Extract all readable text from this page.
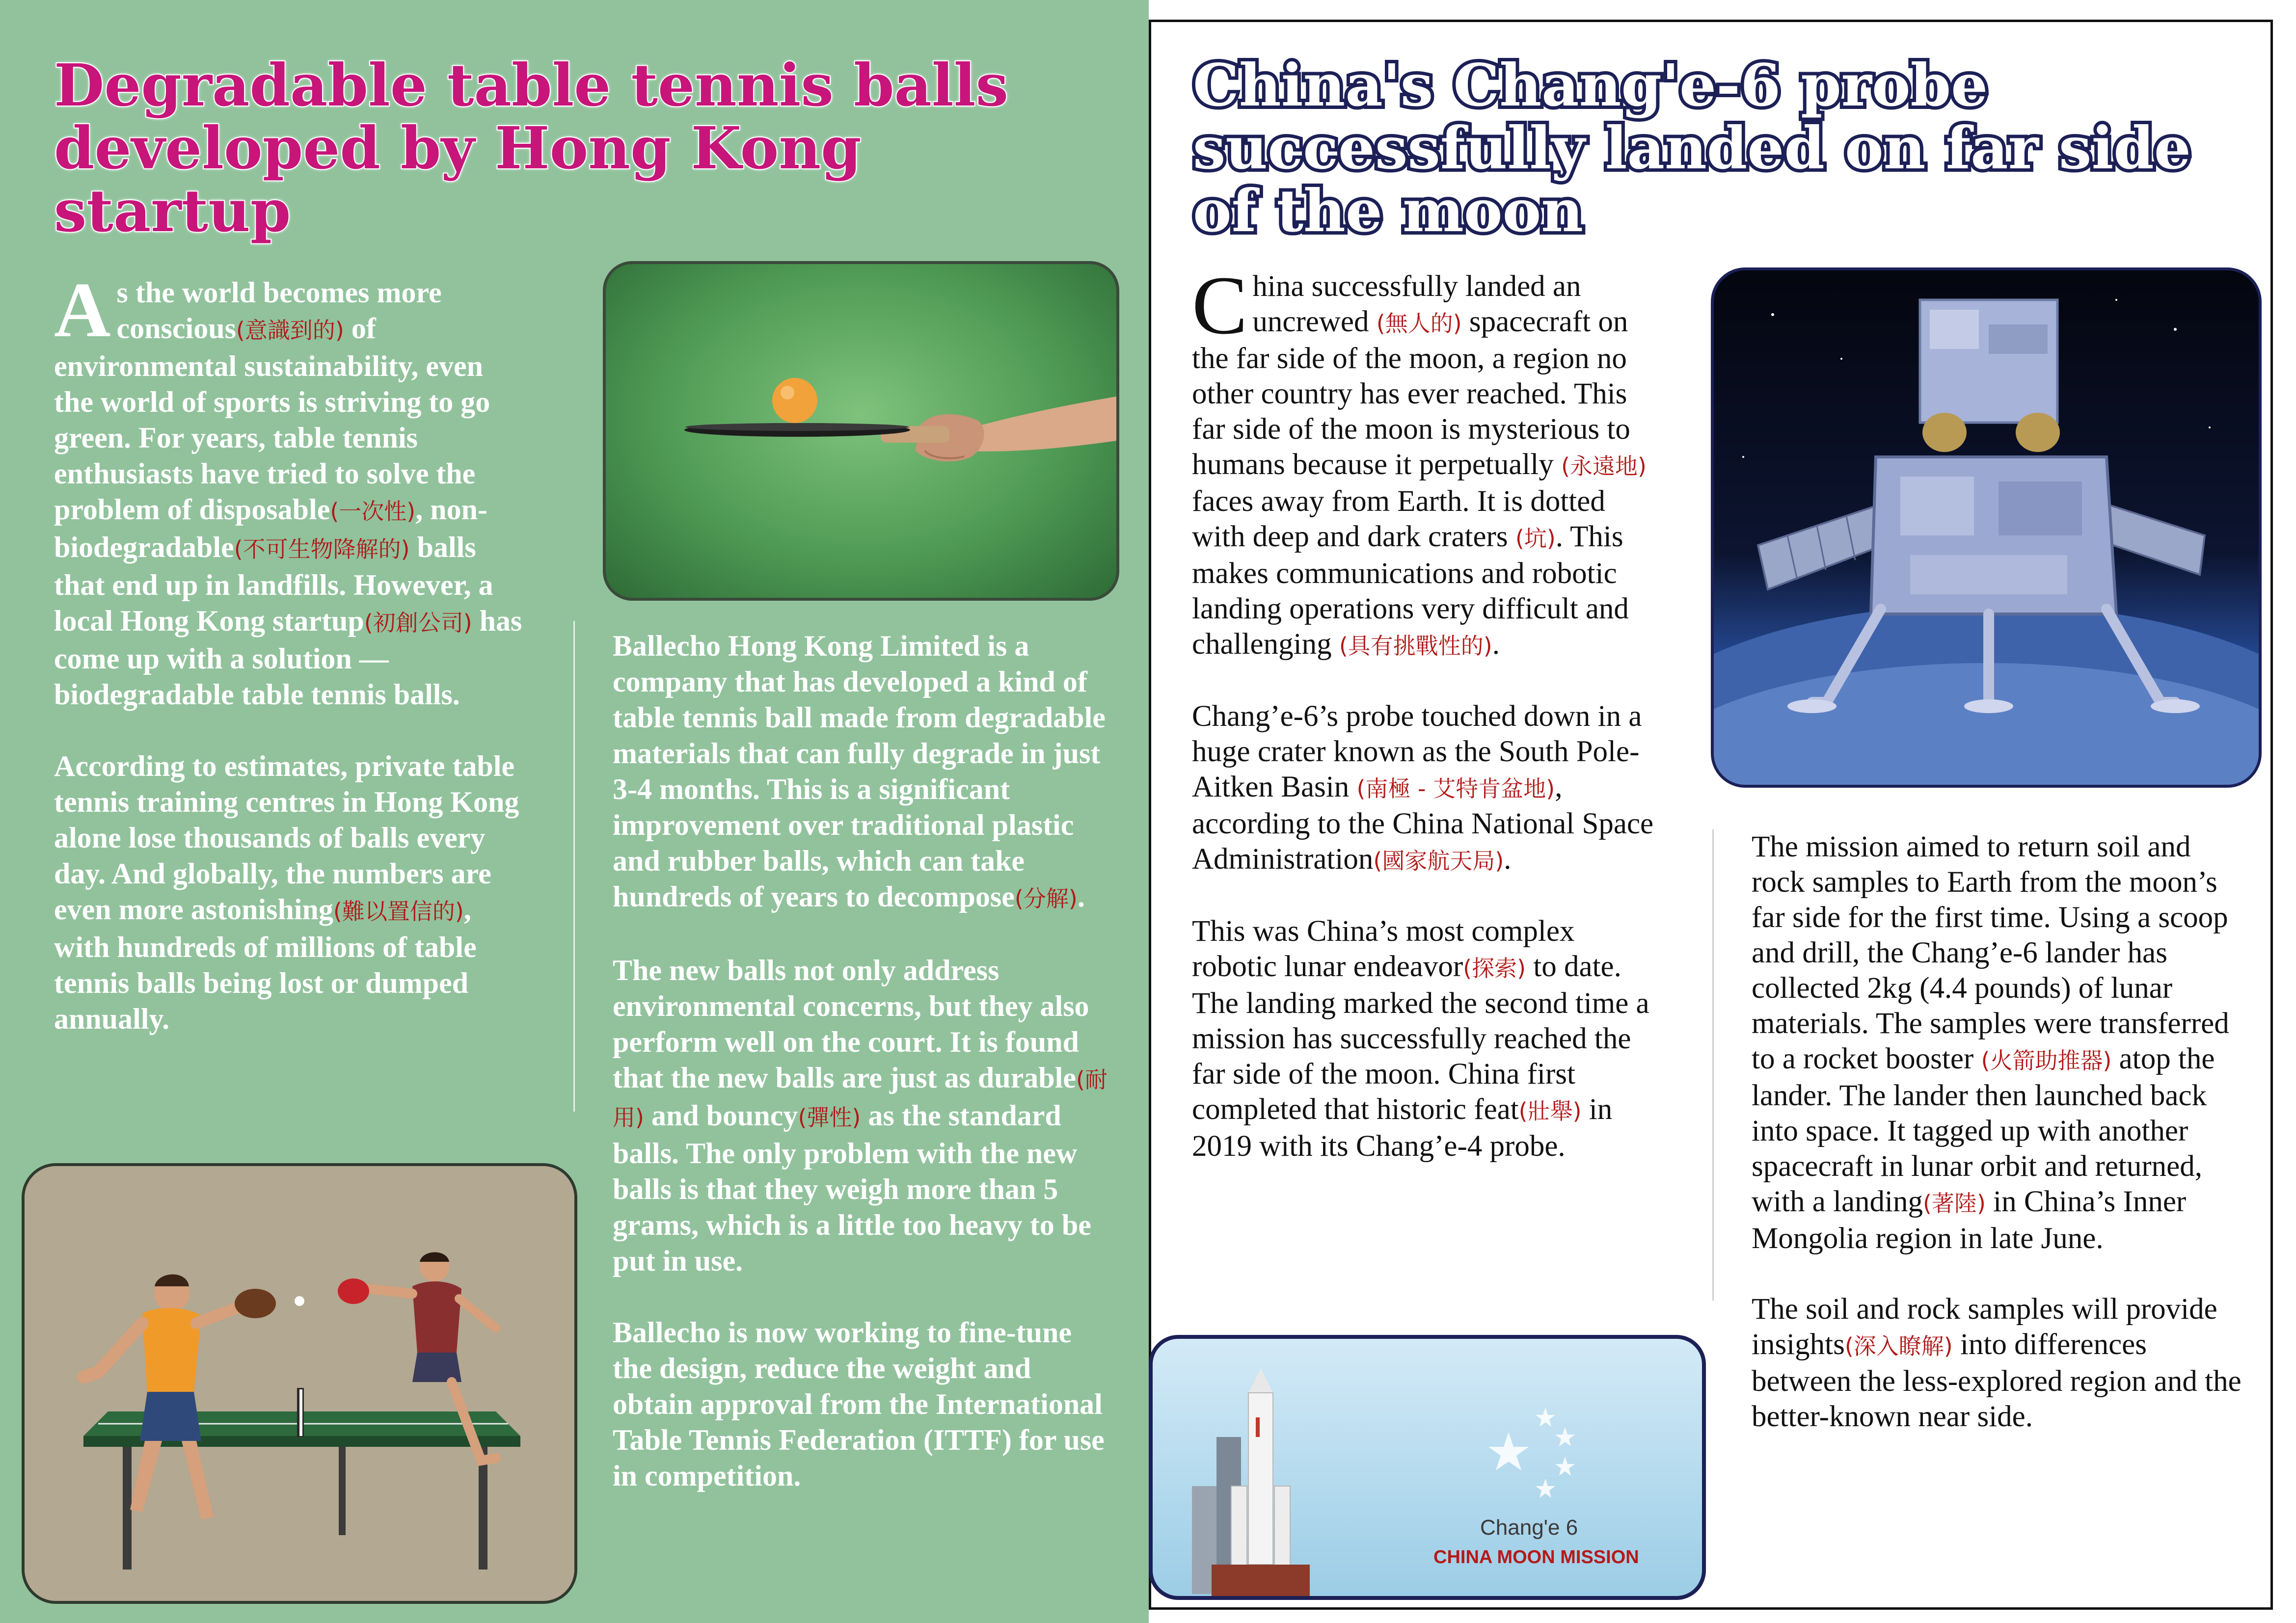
Degradable table tennis balls developed by Hong Kong startup

As the world becomes more conscious ( 意識到的 ) of environmental sustainability, even the world of sports is striving to go green. For years, table tennis enthusiasts have tried to solve the problem of disposable ( 一次性 ) , non-biodegradable ( 不可生物降解的 ) balls that end up in landfills. However, a local Hong Kong startup ( 初創公司 ) has come up with a solution — biodegradable table tennis balls.

According to estimates, private table tennis training centres in Hong Kong alone lose thousands of balls every day. And globally, the numbers are even more astonishing ( 難以置信的 ) , with hundreds of millions of table tennis balls being lost or dumped annually.

Ballecho Hong Kong Limited is a company that has developed a kind of table tennis ball made from degradable materials that can fully degrade in just 3-4 months. This is a significant improvement over traditional plastic and rubber balls, which can take hundreds of years to decompose ( 分解 ) .

The new balls not only address environmental concerns, but they also perform well on the court. It is found that the new balls are just as durable ( 耐用 ) and bouncy ( 彈性 ) as the standard balls. The only problem with the new balls is that they weigh more than 5 grams, which is a little too heavy to be put in use.

Ballecho is now working to fine-tune the design, reduce the weight and obtain approval from the International Table Tennis Federation (ITTF) for use in competition.

China's Chang'e-6 probe successfully landed on far side of the moon

China successfully landed an uncrewed ( 無人的 ) spacecraft on the far side of the moon, a region no other country has ever reached. This far side of the moon is mysterious to humans because it perpetually ( 永遠地 ) faces away from Earth. It is dotted with deep and dark craters ( 坑 ) . This makes communications and robotic landing operations very difficult and challenging ( 具有挑戰性的 ) .

Chang’e-6’s probe touched down in a huge crater known as the South Pole-Aitken Basin ( 南極 - 艾特肯盆地 ) , according to the China National Space Administration ( 國家航天局 ) .

This was China’s most complex robotic lunar endeavor ( 探索 ) to date. The landing marked the second time a mission has successfully reached the far side of the moon. China first completed that historic feat ( 壯舉 ) in 2019 with its Chang’e-4 probe.

The mission aimed to return soil and rock samples to Earth from the moon’s far side for the first time. Using a scoop and drill, the Chang’e-6 lander has collected 2kg (4.4 pounds) of lunar materials. The samples were transferred to a rocket booster ( 火箭助推器 ) atop the lander. The lander then launched back into space. It tagged up with another spacecraft in lunar orbit and returned, with a landing ( 著陸 ) in China’s Inner Mongolia region in late June.

The soil and rock samples will provide insights ( 深入瞭解 ) into differences between the less-explored region and the better-known near side.

Chang'e 6
CHINA MOON MISSION
